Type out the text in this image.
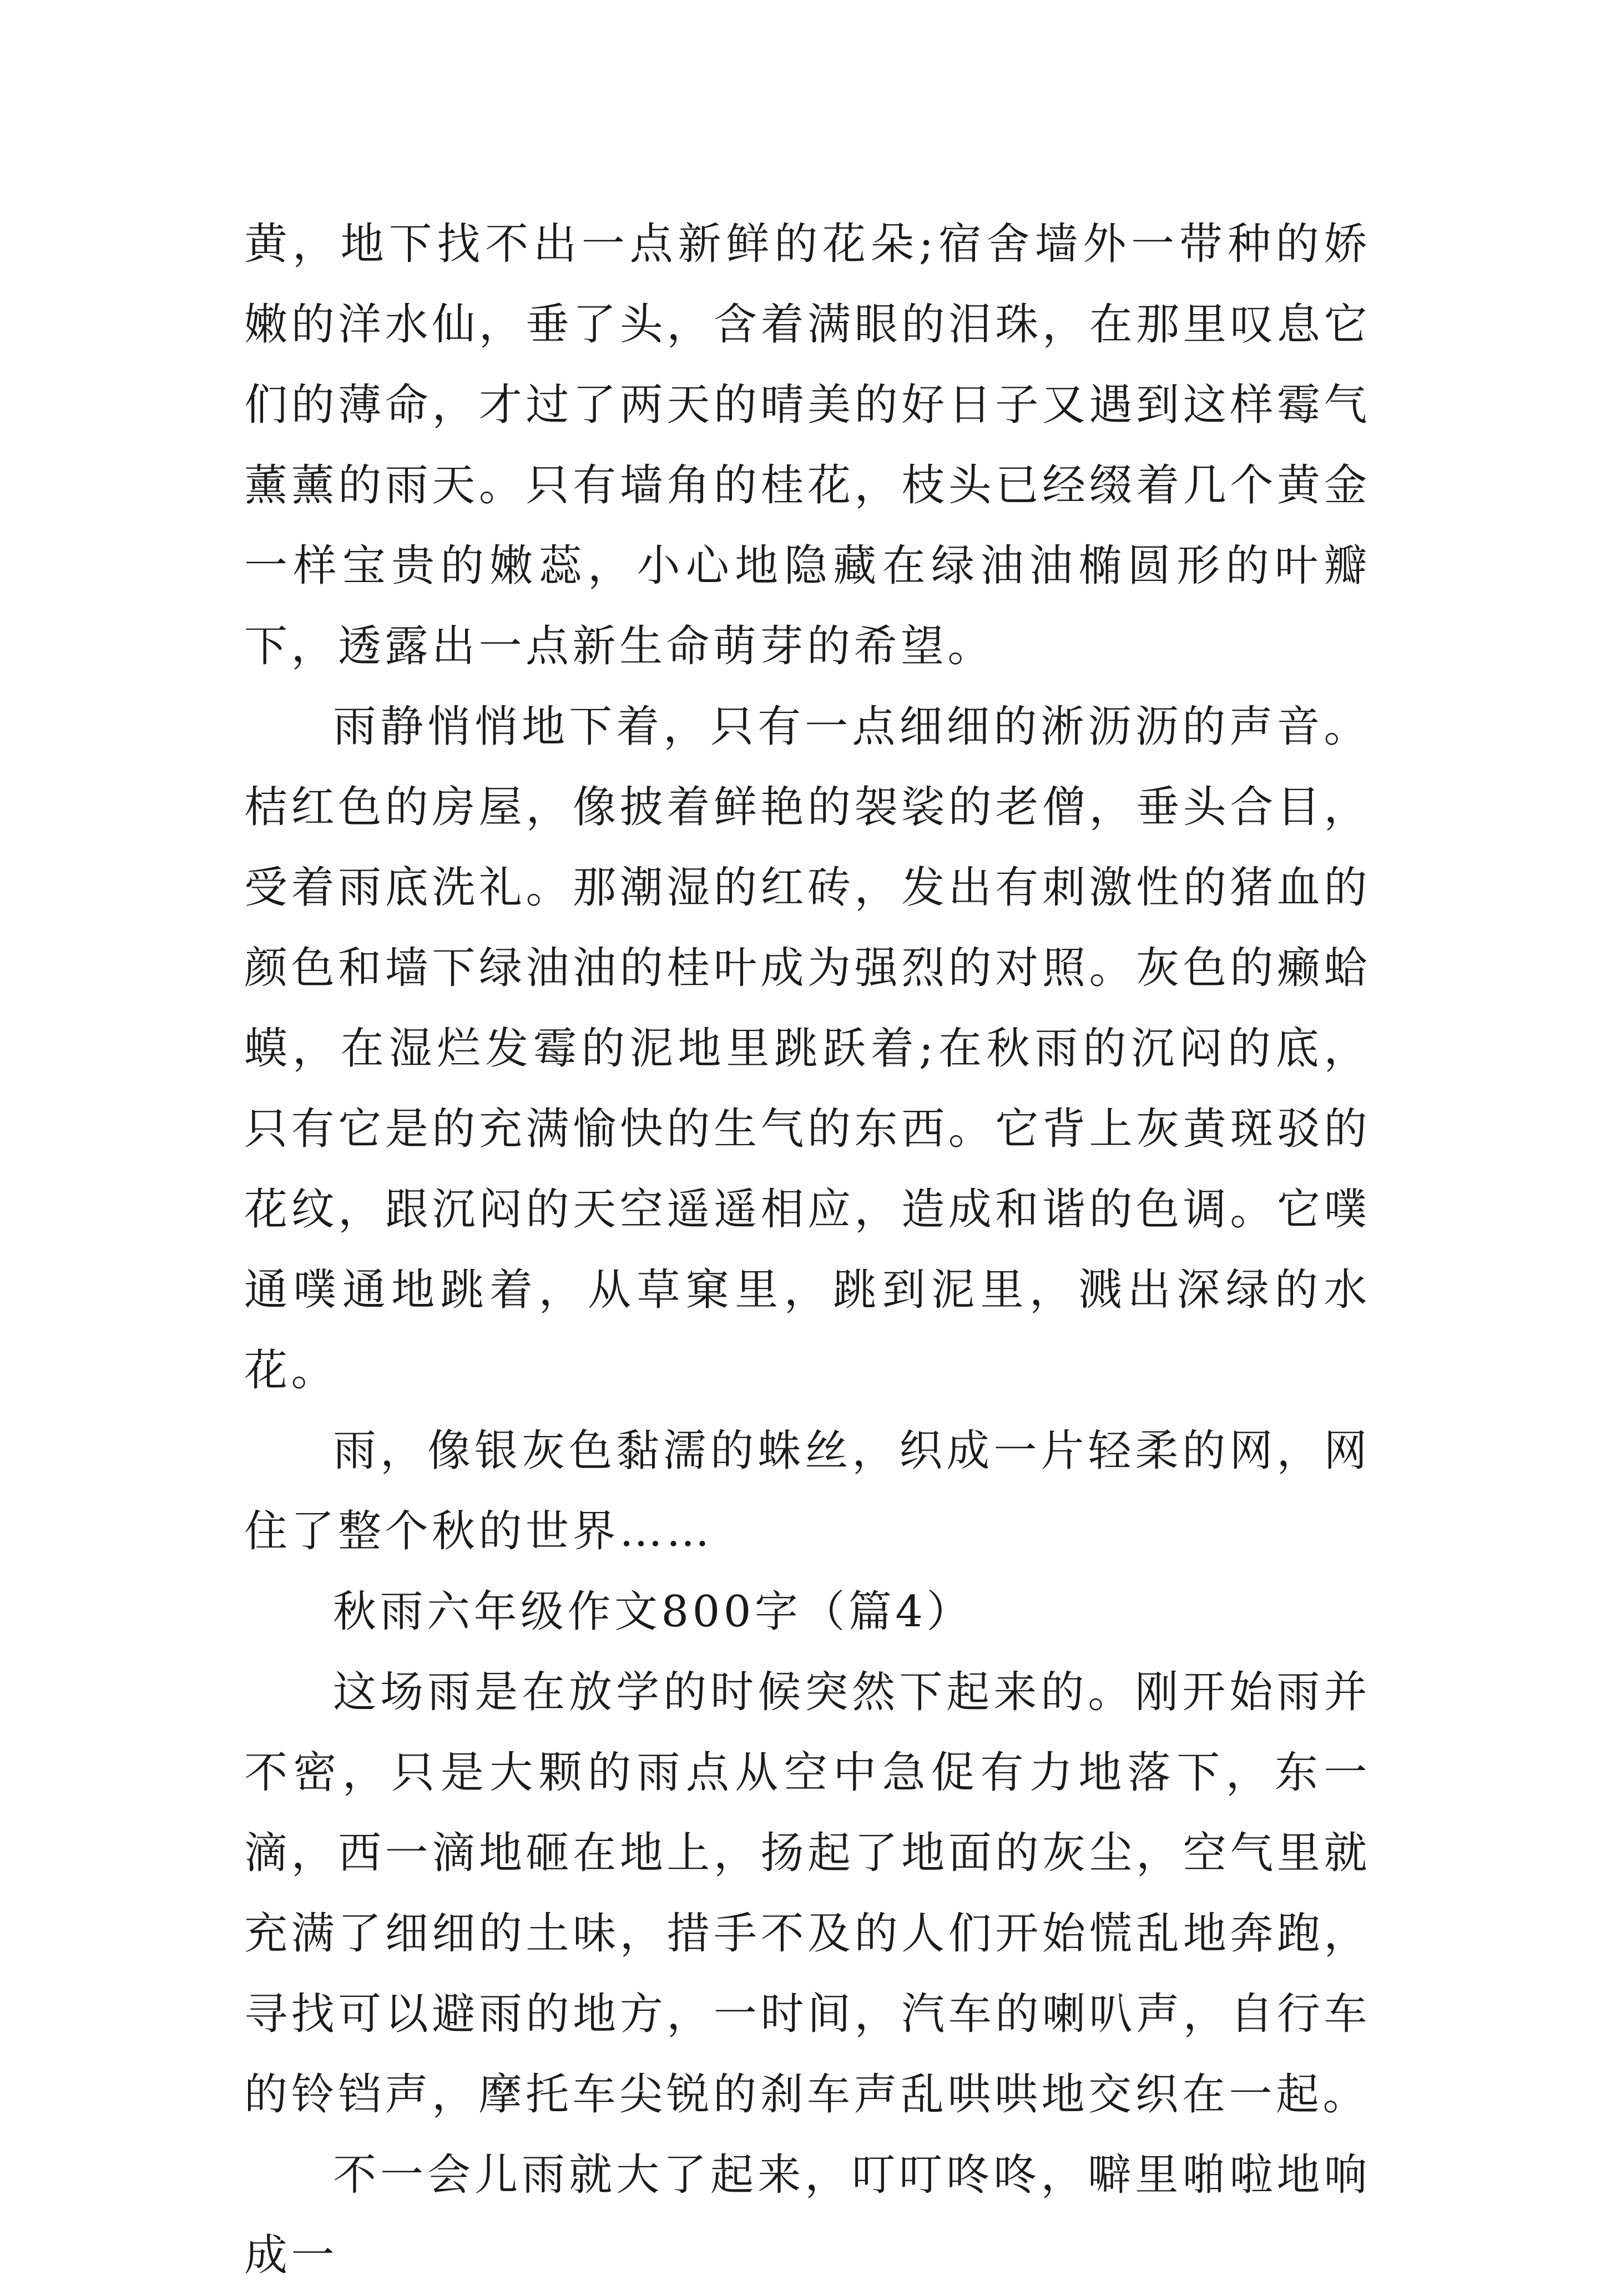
黄，地下找不出一点新鲜的花朵;宿舍墙外一带种的娇嫩的洋水仙，垂了头，含着满眼的泪珠，在那里叹息它们的薄命，才过了两天的晴美的好日子又遇到这样霉气薰薰的雨天。只有墙角的桂花，枝头已经缀着几个黄金一样宝贵的嫩蕊，小心地隐藏在绿油油椭圆形的叶瓣下，透露出一点新生命萌芽的希望。

雨静悄悄地下着，只有一点细细的淅沥沥的声音。桔红色的房屋，像披着鲜艳的袈裟的老僧，垂头合目，受着雨底洗礼。那潮湿的红砖，发出有刺激性的猪血的颜色和墙下绿油油的桂叶成为强烈的对照。灰色的癞蛤蟆，在湿烂发霉的泥地里跳跃着;在秋雨的沉闷的底，只有它是的充满愉快的生气的东西。它背上灰黄斑驳的花纹，跟沉闷的天空遥遥相应，造成和谐的色调。它噗通噗通地跳着，从草窠里，跳到泥里，溅出深绿的水花。

雨，像银灰色黏濡的蛛丝，织成一片轻柔的网，网住了整个秋的世界……

秋雨六年级作文800字（篇4）

这场雨是在放学的时候突然下起来的。刚开始雨并不密，只是大颗的雨点从空中急促有力地落下，东一滴，西一滴地砸在地上，扬起了地面的灰尘，空气里就充满了细细的土味，措手不及的人们开始慌乱地奔跑，寻找可以避雨的地方，一时间，汽车的喇叭声，自行车的铃铛声，摩托车尖锐的刹车声乱哄哄地交织在一起。

不一会儿雨就大了起来，叮叮咚咚，噼里啪啦地响成一
